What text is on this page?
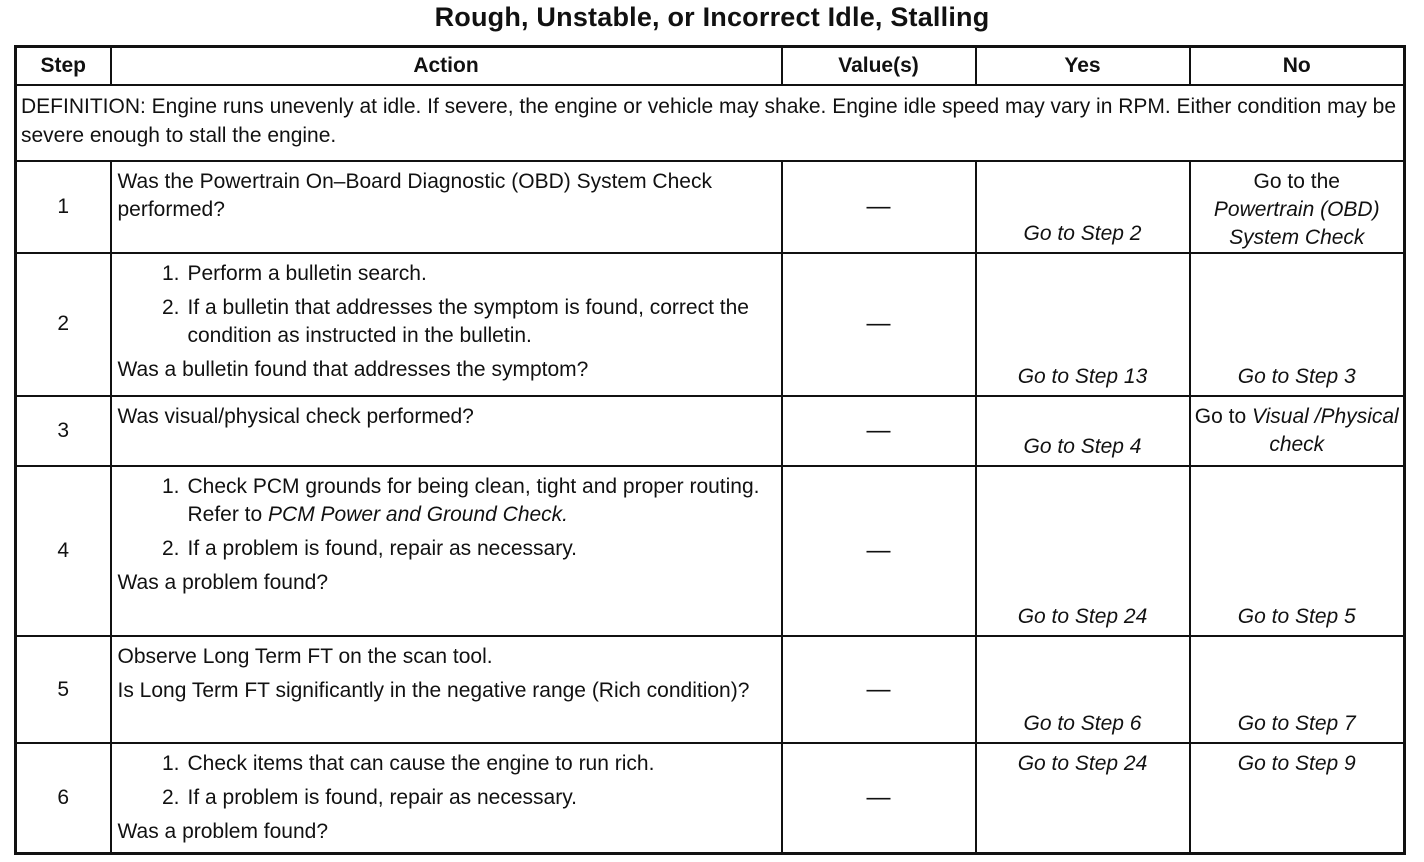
Rough, Unstable, or Incorrect Idle, Stalling
Step	Action	Value(s)	Yes	No
DEFINITION: Engine runs unevenly at idle. If severe, the engine or vehicle may shake. Engine idle speed may vary in RPM. Either condition may be severe enough to stall the engine.				
1	Was the Powertrain On–Board Diagnostic (OBD) System Check performed?	—	Go to Step 2	Go to the
Powertrain (OBD) System Check

2	1. Perform a bulletin search.
2. If a bulletin that addresses the symptom is found, correct the condition as instructed in the bulletin.
Was a bulletin found that addresses the symptom?	—	Go to Step 13	Go to Step 3
3	Was visual/physical check performed?	—	Go to Step 4	Go to Visual /Physical check
4	1. Check PCM grounds for being clean, tight and proper routing. Refer to PCM Power and Ground Check.
2. If a problem is found, repair as necessary.
Was a problem found?	—	Go to Step 24	Go to Step 5
5	Observe Long Term FT on the scan tool.
Is Long Term FT significantly in the negative range (Rich condition)?	—	Go to Step 6	Go to Step 7
6	1. Check items that can cause the engine to run rich.
2. If a problem is found, repair as necessary.
Was a problem found?	—	Go to Step 24	Go to Step 9
